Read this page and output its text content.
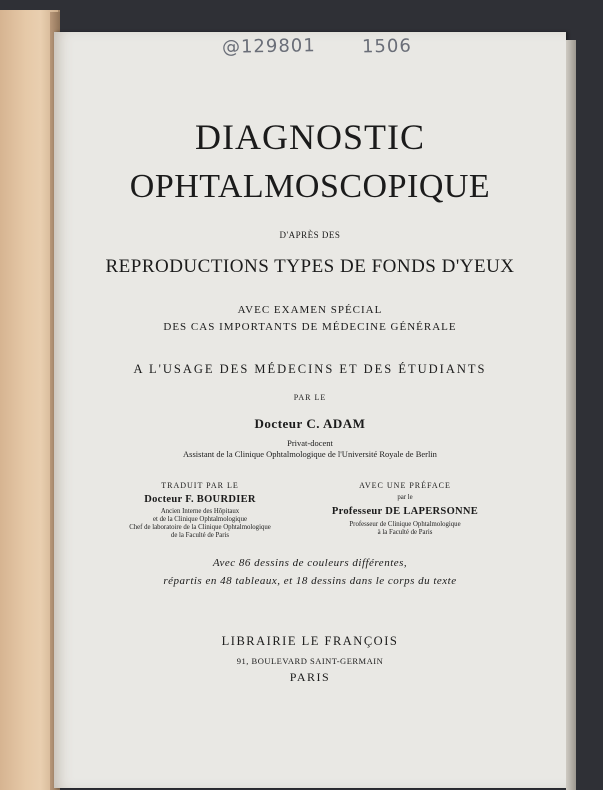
@129801	1506
DIAGNOSTIC
OPHTALMOSCOPIQUE
D'APRÈS DES
REPRODUCTIONS TYPES DE FONDS D'YEUX
AVEC EXAMEN SPÉCIAL
DES CAS IMPORTANTS DE MÉDECINE GÉNÉRALE
A L'USAGE DES MÉDECINS ET DES ÉTUDIANTS
PAR LE
Docteur C. ADAM
Privat-docent
Assistant de la Clinique Ophtalmologique de l'Université Royale de Berlin
TRADUIT PAR LE
Docteur F. BOURDIER
Ancien Interne des Hôpitaux
et de la Clinique Ophtalmologique
Chef de laboratoire de la Clinique Ophtalmologique
de la Faculté de Paris
AVEC UNE PRÉFACE
par le
Professeur DE LAPERSONNE
Professeur de Clinique Ophtalmologique
à la Faculté de Paris
Avec 86 dessins de couleurs différentes,
répartis en 48 tableaux, et 18 dessins dans le corps du texte
LIBRAIRIE LE FRANÇOIS
91, BOULEVARD SAINT-GERMAIN
PARIS
